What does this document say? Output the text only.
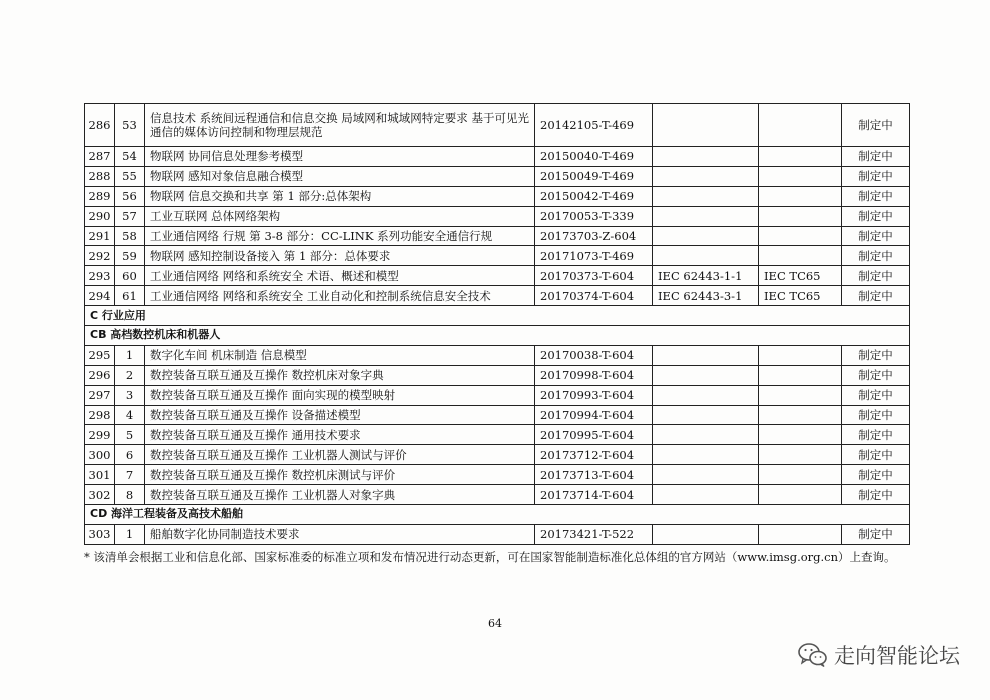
286	53	信息技术 系统间远程通信和信息交换 局域网和城域网特定要求 基于可见光通信的媒体访问控制和物理层规范	20142105-T-469			制定中
287	54	物联网 协同信息处理参考模型	20150040-T-469			制定中
288	55	物联网 感知对象信息融合模型	20150049-T-469			制定中
289	56	物联网 信息交换和共享 第 1 部分:总体架构	20150042-T-469			制定中
290	57	工业互联网 总体网络架构	20170053-T-339			制定中
291	58	工业通信网络 行规 第 3-8 部分：CC-LINK 系列功能安全通信行规	20173703-Z-604			制定中
292	59	物联网 感知控制设备接入 第 1 部分：总体要求	20171073-T-469			制定中
293	60	工业通信网络 网络和系统安全 术语、概述和模型	20170373-T-604	IEC 62443-1-1	IEC TC65	制定中
294	61	工业通信网络 网络和系统安全 工业自动化和控制系统信息安全技术	20170374-T-604	IEC 62443-3-1	IEC TC65	制定中
C 行业应用						
CB 高档数控机床和机器人						
295	1	数字化车间 机床制造 信息模型	20170038-T-604			制定中
296	2	数控装备互联互通及互操作 数控机床对象字典	20170998-T-604			制定中
297	3	数控装备互联互通及互操作 面向实现的模型映射	20170993-T-604			制定中
298	4	数控装备互联互通及互操作 设备描述模型	20170994-T-604			制定中
299	5	数控装备互联互通及互操作 通用技术要求	20170995-T-604			制定中
300	6	数控装备互联互通及互操作 工业机器人测试与评价	20173712-T-604			制定中
301	7	数控装备互联互通及互操作 数控机床测试与评价	20173713-T-604			制定中
302	8	数控装备互联互通及互操作 工业机器人对象字典	20173714-T-604			制定中
CD 海洋工程装备及高技术船舶						
303	1	船舶数字化协同制造技术要求	20173421-T-522			制定中
* 该清单会根据工业和信息化部、国家标准委的标准立项和发布情况进行动态更新，可在国家智能制造标准化总体组的官方网站（www.imsg.org.cn）上查询。
64
走向智能论坛
